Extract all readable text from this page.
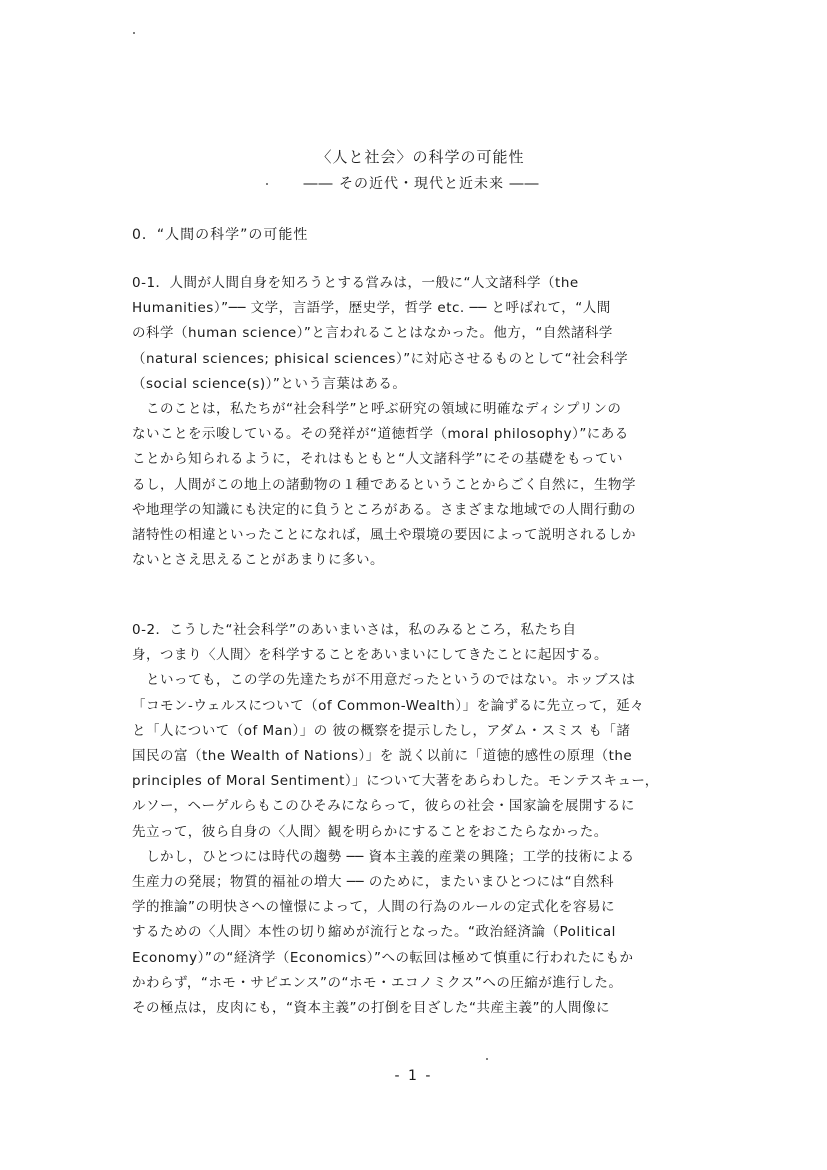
〈人と社会〉の科学の可能性
―― その近代・現代と近未来 ――
0．“人間の科学”の可能性
0-1．人間が人間自身を知ろうとする営みは，一般に“人文諸科学（the
Humanities）”── 文学，言語学，歴史学，哲学 etc. ── と呼ばれて，“人間
の科学（human science）”と言われることはなかった。他方，“自然諸科学
（natural sciences; phisical sciences）”に対応させるものとして“社会科学
（social science(s)）”という言葉はある。
　このことは，私たちが“社会科学”と呼ぶ研究の領域に明確なディシプリンの
ないことを示唆している。その発祥が“道徳哲学（moral philosophy）”にある
ことから知られるように，それはもともと“人文諸科学”にその基礎をもってい
るし，人間がこの地上の諸動物の１種であるということからごく自然に，生物学
や地理学の知識にも決定的に負うところがある。さまざまな地域での人間行動の
諸特性の相違といったことになれば，風土や環境の要因によって説明されるしか
ないとさえ思えることがあまりに多い。
0-2．こうした“社会科学”のあいまいさは，私のみるところ，私たち自
身，つまり〈人間〉を科学することをあいまいにしてきたことに起因する。
　といっても，この学の先達たちが不用意だったというのではない。ホッブスは
「コモン-ウェルスについて（of Common-Wealth）」を論ずるに先立って，延々
と「人について（of Man）」の 彼の概察を提示したし，アダム・スミス も「諸
国民の富（the Wealth of Nations）」を 説く以前に「道徳的感性の原理（the
principles of Moral Sentiment）」について大著をあらわした。モンテスキュー，
ルソー，ヘーゲルらもこのひそみにならって，彼らの社会・国家論を展開するに
先立って，彼ら自身の〈人間〉観を明らかにすることをおこたらなかった。
　しかし，ひとつには時代の趨勢 ── 資本主義的産業の興隆；工学的技術による
生産力の発展；物質的福祉の増大 ── のために，またいまひとつには“自然科
学的推論”の明快さへの憧憬によって，人間の行為のルールの定式化を容易に
するための〈人間〉本性の切り縮めが流行となった。“政治経済論（Political
Economy）”の“経済学（Economics）”への転回は極めて慎重に行われたにもか
かわらず，“ホモ・サピエンス”の“ホモ・エコノミクス”への圧縮が進行した。
その極点は，皮肉にも，“資本主義”の打倒を目ざした“共産主義”的人間像に
- 1 -
